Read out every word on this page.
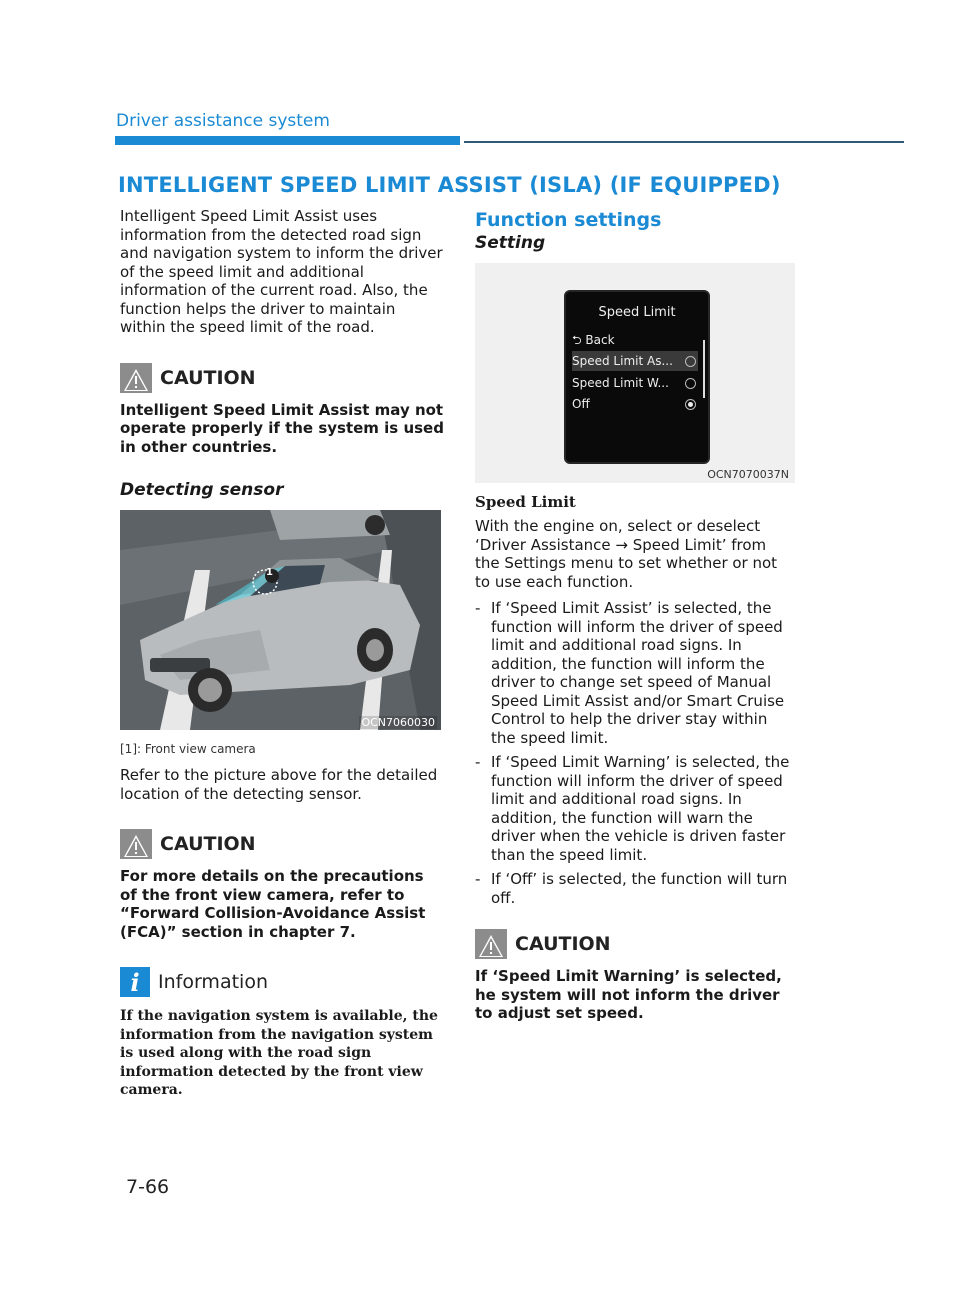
Driver assistance system
INTELLIGENT SPEED LIMIT ASSIST (ISLA) (IF EQUIPPED)

Intelligent Speed Limit Assist uses information from the detected road sign and navigation system to inform the driver of the speed limit and additional information of the current road. Also, the function helps the driver to maintain within the speed limit of the road.

CAUTION

Intelligent Speed Limit Assist may not operate properly if the system is used in other countries.

Detecting sensor
1
OCN7060030

[1]: Front view camera

Refer to the picture above for the detailed location of the detecting sensor.

CAUTION

For more details on the precautions of the front view camera, refer to “Forward Collision-Avoidance Assist (FCA)” section in chapter 7.

i Information

If the navigation system is available, the information from the navigation system is used along with the road sign information detected by the front view camera.

Function settings
Setting
Speed Limit
⮌ Back
Speed Limit As...
Speed Limit W...
Off
OCN7070037N
Speed Limit

With the engine on, select or deselect ‘Driver Assistance → Speed Limit’ from the Settings menu to set whether or not to use each function.

- If ‘Speed Limit Assist’ is selected, the function will inform the driver of speed limit and additional road signs. In addition, the function will inform the driver to change set speed of Manual Speed Limit Assist and/or Smart Cruise Control to help the driver stay within the speed limit.
- If ‘Speed Limit Warning’ is selected, the function will inform the driver of speed limit and additional road signs. In addition, the function will warn the driver when the vehicle is driven faster than the speed limit.
- If ‘Off’ is selected, the function will turn off.
CAUTION

If ‘Speed Limit Warning’ is selected, he system will not inform the driver to adjust set speed.

7-66
